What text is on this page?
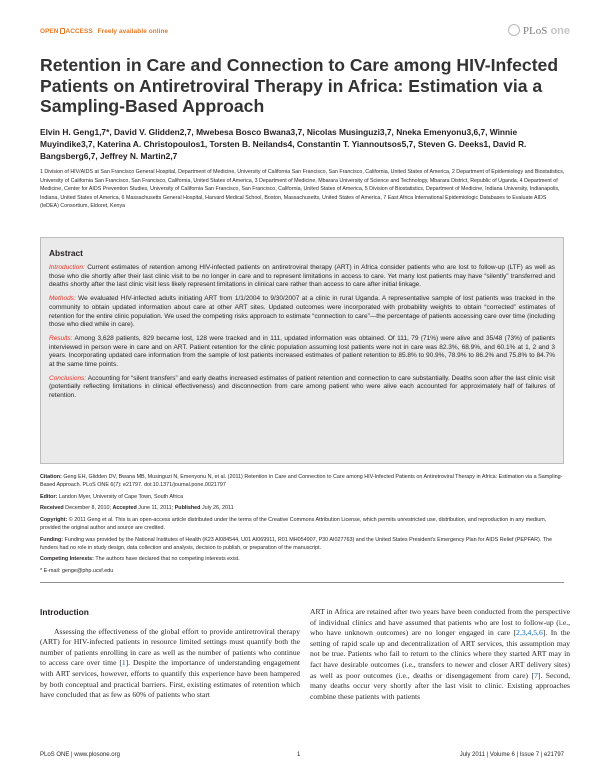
OPEN ACCESS Freely available online	PLoS one
Retention in Care and Connection to Care among HIV-Infected Patients on Antiretroviral Therapy in Africa: Estimation via a Sampling-Based Approach
Elvin H. Geng1,7*, David V. Glidden2,7, Mwebesa Bosco Bwana3,7, Nicolas Musinguzi3,7, Nneka Emenyonu3,6,7, Winnie Muyindike3,7, Katerina A. Christopoulos1, Torsten B. Neilands4, Constantin T. Yiannoutsos5,7, Steven G. Deeks1, David R. Bangsberg6,7, Jeffrey N. Martin2,7
1 Division of HIV/AIDS at San Francisco General Hospital, Department of Medicine, University of California San Francisco, San Francisco, California, United States of America, 2 Department of Epidemiology and Biostatistics, University of California San Francisco, San Francisco, California, United States of America, 3 Department of Medicine, Mbarara University of Science and Technology, Mbarara District, Republic of Uganda, 4 Department of Medicine, Center for AIDS Prevention Studies, University of California San Francisco, San Francisco, California, United States of America, 5 Division of Biostatistics, Department of Medicine, Indiana University, Indianapolis, Indiana, United States of America, 6 Massachusetts General Hospital, Harvard Medical School, Boston, Massachusetts, United States of America, 7 East Africa International Epidemiologic Databases to Evaluate AIDS (IeDEA) Consortium, Eldoret, Kenya
Abstract

Introduction: Current estimates of retention among HIV-infected patients on antiretroviral therapy (ART) in Africa consider patients who are lost to follow-up (LTF) as well as those who die shortly after their last clinic visit to be no longer in care and to represent limitations in access to care. Yet many lost patients may have “silently” transferred and deaths shortly after the last clinic visit less likely represent limitations in clinical care rather than access to care after initial linkage.

Methods: We evaluated HIV-infected adults initiating ART from 1/1/2004 to 9/30/2007 at a clinic in rural Uganda. A representative sample of lost patients was tracked in the community to obtain updated information about care at other ART sites. Updated outcomes were incorporated with probability weights to obtain “corrected” estimates of retention for the entire clinic population. We used the competing risks approach to estimate “connection to care”—the percentage of patients accessing care over time (including those who died while in care).

Results: Among 3,628 patients, 829 became lost, 128 were tracked and in 111, updated information was obtained. Of 111, 79 (71%) were alive and 35/48 (73%) of patients interviewed in person were in care and on ART. Patient retention for the clinic population assuming lost patients were not in care was 82.3%, 68.9%, and 60.1% at 1, 2 and 3 years. Incorporating updated care information from the sample of lost patients increased estimates of patient retention to 85.8% to 90.9%, 78.9% to 86.2% and 75.8% to 84.7% at the same time points.

Conclusions: Accounting for “silent transfers” and early deaths increased estimates of patient retention and connection to care substantially. Deaths soon after the last clinic visit (potentially reflecting limitations in clinical effectiveness) and disconnection from care among patient who were alive each accounted for approximately half of failures of retention.

Citation: Geng EH, Glidden DV, Bwana MB, Musinguzi N, Emenyonu N, et al. (2011) Retention in Care and Connection to Care among HIV-Infected Patients on Antiretroviral Therapy in Africa: Estimation via a Sampling-Based Approach. PLoS ONE 6(7): e21797. doi:10.1371/journal.pone.0021797
Editor: Landon Myer, University of Cape Town, South Africa
Received December 8, 2010; Accepted June 11, 2011; Published July 26, 2011
Copyright: © 2011 Geng et al. This is an open-access article distributed under the terms of the Creative Commons Attribution License, which permits unrestricted use, distribution, and reproduction in any medium, provided the original author and source are credited.
Funding: Funding was provided by the National Institutes of Health (K23 AI084544, U01 AI069911, R01 MH054907, P30 AI027763) and the United States President's Emergency Plan for AIDS Relief (PEPFAR). The funders had no role in study design, data collection and analysis, decision to publish, or preparation of the manuscript.
Competing Interests: The authors have declared that no competing interests exist.
* E-mail: genge@php.ucsf.edu
Introduction

Assessing the effectiveness of the global effort to provide antiretroviral therapy (ART) for HIV-infected patients in resource limited settings must quantify both the number of patients enrolling in care as well as the number of patients who continue to access care over time [1]. Despite the importance of understanding engagement with ART services, however, efforts to quantify this experience have been hampered by both conceptual and practical barriers. First, existing estimates of retention which have concluded that as few as 60% of patients who start

ART in Africa are retained after two years have been conducted from the perspective of individual clinics and have assumed that patients who are lost to follow-up (i.e., who have unknown outcomes) are no longer engaged in care [2,3,4,5,6]. In the setting of rapid scale up and decentralization of ART services, this assumption may not be true. Patients who fail to return to the clinics where they started ART may in fact have desirable outcomes (i.e., transfers to newer and closer ART delivery sites) as well as poor outcomes (i.e., deaths or disengagement from care) [7]. Second, many deaths occur very shortly after the last visit to clinic. Existing approaches combine these patients with patients

PLoS ONE | www.plosone.org	1	July 2011 | Volume 6 | Issue 7 | e21797
